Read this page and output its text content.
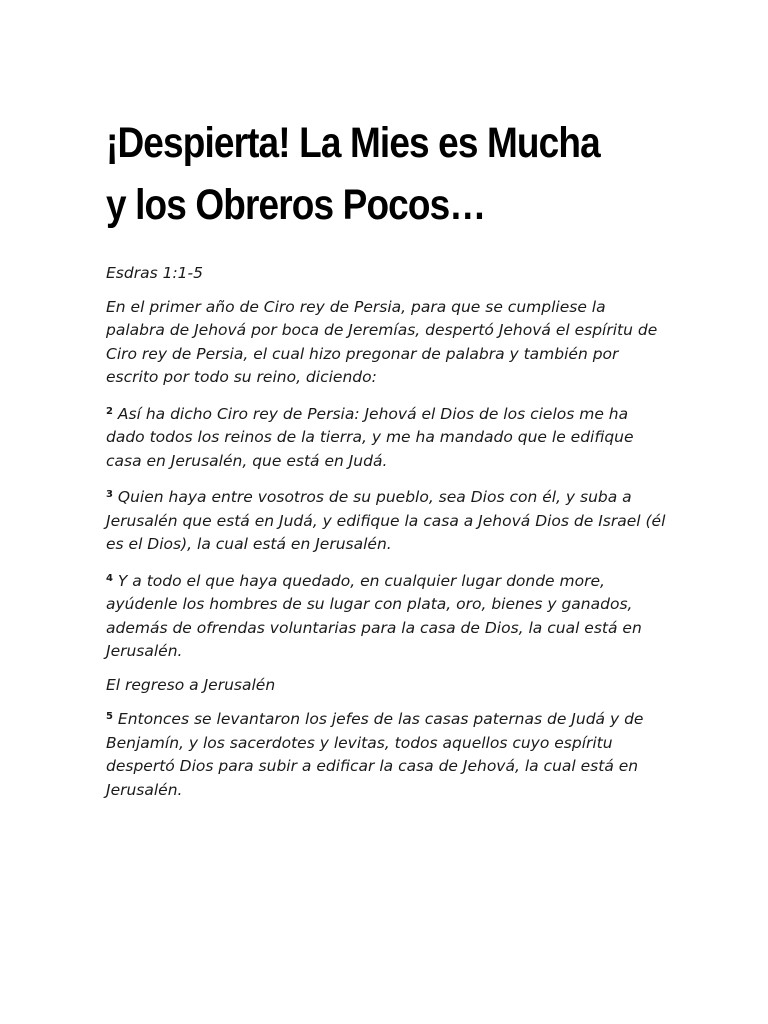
¡Despierta! La Mies es Mucha
y los Obreros Pocos…

Esdras 1:1-5

En el primer año de Ciro rey de Persia, para que se cumpliese la palabra de Jehová por boca de Jeremías, despertó Jehová el espíritu de Ciro rey de Persia, el cual hizo pregonar de palabra y también por escrito por todo su reino, diciendo:

$^2$ Así ha dicho Ciro rey de Persia: Jehová el Dios de los cielos me ha dado todos los reinos de la tierra, y me ha mandado que le edifique casa en Jerusalén, que está en Judá.

$^3$ Quien haya entre vosotros de su pueblo, sea Dios con él, y suba a Jerusalén que está en Judá, y edifique la casa a Jehová Dios de Israel (él es el Dios), la cual está en Jerusalén.

$^4$ Y a todo el que haya quedado, en cualquier lugar donde more, ayúdenle los hombres de su lugar con plata, oro, bienes y ganados, además de ofrendas voluntarias para la casa de Dios, la cual está en Jerusalén.

El regreso a Jerusalén

$^5$ Entonces se levantaron los jefes de las casas paternas de Judá y de Benjamín, y los sacerdotes y levitas, todos aquellos cuyo espíritu despertó Dios para subir a edificar la casa de Jehová, la cual está en Jerusalén.
